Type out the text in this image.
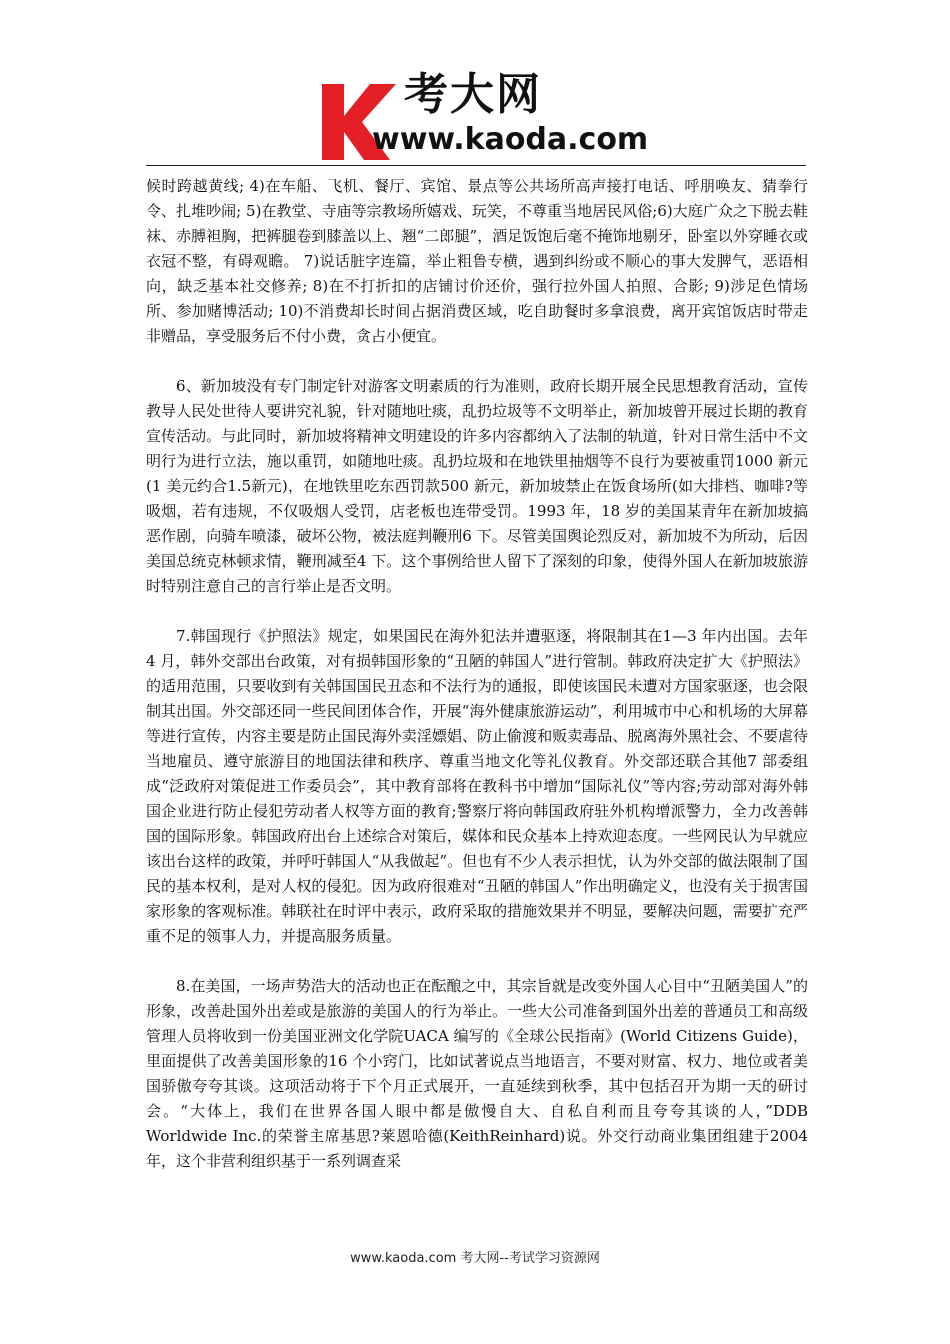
考大网
www.kaoda.com

候时跨越黄线; 4)在车船、飞机、餐厅、宾馆、景点等公共场所高声接打电话、呼朋唤友、猜拳行令、扎堆吵闹; 5)在教堂、寺庙等宗教场所嬉戏、玩笑，不尊重当地居民风俗;6)大庭广众之下脱去鞋袜、赤膊袒胸，把裤腿卷到膝盖以上、翘“二郎腿”，酒足饭饱后毫不掩饰地剔牙，卧室以外穿睡衣或衣冠不整，有碍观瞻。 7)说话脏字连篇，举止粗鲁专横，遇到纠纷或不顺心的事大发脾气，恶语相向，缺乏基本社交修养; 8)在不打折扣的店铺讨价还价，强行拉外国人拍照、合影; 9)涉足色情场所、参加赌博活动; 10)不消费却长时间占据消费区域，吃自助餐时多拿浪费，离开宾馆饭店时带走非赠品，享受服务后不付小费，贪占小便宜。

6、新加坡没有专门制定针对游客文明素质的行为准则，政府长期开展全民思想教育活动，宣传教导人民处世待人要讲究礼貌，针对随地吐痰，乱扔垃圾等不文明举止，新加坡曾开展过长期的教育宣传活动。与此同时，新加坡将精神文明建设的许多内容都纳入了法制的轨道，针对日常生活中不文明行为进行立法，施以重罚，如随地吐痰。乱扔垃圾和在地铁里抽烟等不良行为要被重罚1000 新元(1 美元约合1.5新元)，在地铁里吃东西罚款500 新元，新加坡禁止在饭食场所(如大排档、咖啡?等 吸烟，若有违规，不仅吸烟人受罚，店老板也连带受罚。1993 年，18 岁的美国某青年在新加坡搞恶作剧，向骑车喷漆，破坏公物，被法庭判鞭刑6 下。尽管美国舆论烈反对，新加坡不为所动，后因美国总统克林顿求情，鞭刑减至4 下。这个事例给世人留下了深刻的印象，使得外国人在新加坡旅游时特别注意自己的言行举止是否文明。

7.韩国现行《护照法》规定，如果国民在海外犯法并遭驱逐，将限制其在1—3 年内出国。去年4 月，韩外交部出台政策，对有损韩国形象的“丑陋的韩国人”进行管制。韩政府决定扩大《护照法》的适用范围，只要收到有关韩国国民丑态和不法行为的通报，即使该国民未遭对方国家驱逐，也会限制其出国。外交部还同一些民间团体合作，开展“海外健康旅游运动”，利用城市中心和机场的大屏幕等进行宣传，内容主要是防止国民海外卖淫嫖娼、防止偷渡和贩卖毒品、脱离海外黑社会、不要虐待当地雇员、遵守旅游目的地国法律和秩序、尊重当地文化等礼仪教育。外交部还联合其他7 部委组成“泛政府对策促进工作委员会”，其中教育部将在教科书中增加“国际礼仪”等内容;劳动部对海外韩国企业进行防止侵犯劳动者人权等方面的教育;警察厅将向韩国政府驻外机构增派警力，全力改善韩国的国际形象。韩国政府出台上述综合对策后，媒体和民众基本上持欢迎态度。一些网民认为早就应该出台这样的政策，并呼吁韩国人“从我做起”。但也有不少人表示担忧，认为外交部的做法限制了国民的基本权利，是对人权的侵犯。因为政府很难对“丑陋的韩国人”作出明确定义，也没有关于损害国家形象的客观标准。韩联社在时评中表示，政府采取的措施效果并不明显，要解决问题，需要扩充严重不足的领事人力，并提高服务质量。

8.在美国，一场声势浩大的活动也正在酝酿之中，其宗旨就是改变外国人心目中“丑陋美国人”的形象，改善赴国外出差或是旅游的美国人的行为举止。一些大公司准备到国外出差的普通员工和高级管理人员将收到一份美国亚洲文化学院UACA 编写的《全球公民指南》(World Citizens Guide)，里面提供了改善美国形象的16 个小窍门，比如试著说点当地语言，不要对财富、权力、地位或者美国骄傲夸夸其谈。这项活动将于下个月正式展开，一直延续到秋季，其中包括召开为期一天的研讨会。“大体上，我们在世界各国人眼中都是傲慢自大、自私自利而且夸夸其谈的人，”DDB Worldwide Inc.的荣誉主席基思?莱恩哈德(KeithReinhard)说。外交行动商业集团组建于2004 年，这个非营利组织基于一系列调查采

www.kaoda.com 考大网--考试学习资源网
